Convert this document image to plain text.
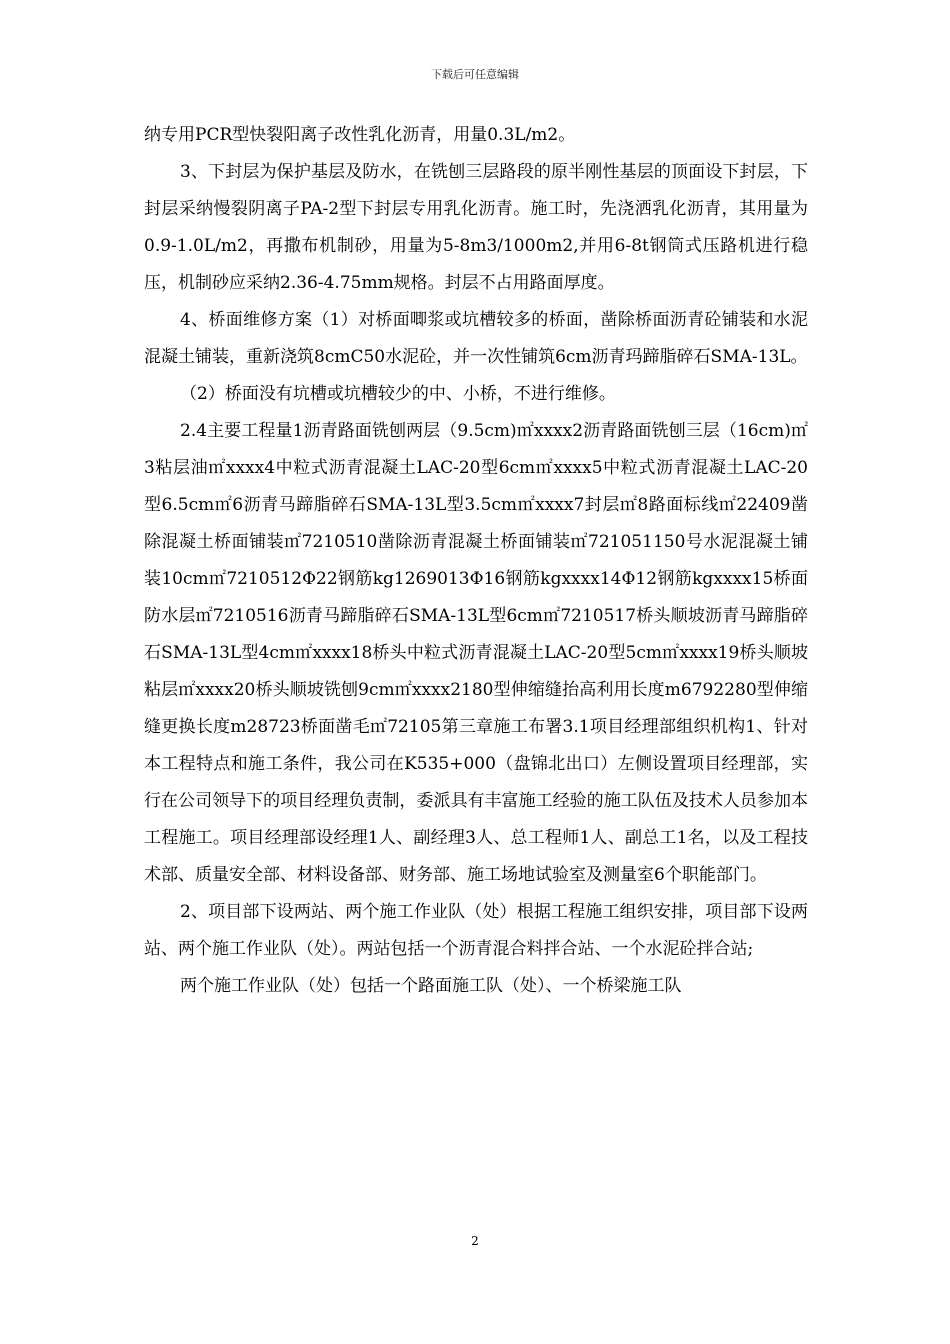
下载后可任意编辑

纳专用PCR型快裂阳离子改性乳化沥青，用量0.3L/m2。

3、下封层为保护基层及防水，在铣刨三层路段的原半刚性基层的顶面设下封层，下封层采纳慢裂阴离子PA-2型下封层专用乳化沥青。施工时，先浇洒乳化沥青，其用量为0.9-1.0L/m2，再撒布机制砂，用量为5-8m3/1000m2,并用6-8t钢筒式压路机进行稳压，机制砂应采纳2.36-4.75mm规格。封层不占用路面厚度。

4、桥面维修方案（1）对桥面唧浆或坑槽较多的桥面，凿除桥面沥青砼铺装和水泥混凝土铺装，重新浇筑8cmC50水泥砼，并一次性铺筑6cm沥青玛蹄脂碎石SMA-13L。

（2）桥面没有坑槽或坑槽较少的中、小桥，不进行维修。

2.4主要工程量1沥青路面铣刨两层（9.5cm)㎡xxxx2沥青路面铣刨三层（16cm)㎡3粘层油㎡xxxx4中粒式沥青混凝土LAC-20型6cm㎡xxxx5中粒式沥青混凝土LAC-20型6.5cm㎡6沥青马蹄脂碎石SMA-13L型3.5cm㎡xxxx7封层㎡8路面标线㎡22409凿除混凝土桥面铺装㎡7210510凿除沥青混凝土桥面铺装㎡721051150号水泥混凝土铺装10cm㎡7210512Φ22钢筋kg1269013Φ16钢筋kgxxxx14Φ12钢筋kgxxxx15桥面防水层㎡7210516沥青马蹄脂碎石SMA-13L型6cm㎡7210517桥头顺坡沥青马蹄脂碎石SMA-13L型4cm㎡xxxx18桥头中粒式沥青混凝土LAC-20型5cm㎡xxxx19桥头顺坡粘层㎡xxxx20桥头顺坡铣刨9cm㎡xxxx2180型伸缩缝抬高利用长度m6792280型伸缩缝更换长度m28723桥面凿毛㎡72105第三章施工布署3.1项目经理部组织机构1、针对本工程特点和施工条件，我公司在K535+000（盘锦北出口）左侧设置项目经理部，实行在公司领导下的项目经理负责制，委派具有丰富施工经验的施工队伍及技术人员参加本工程施工。项目经理部设经理1人、副经理3人、总工程师1人、副总工1名，以及工程技术部、质量安全部、材料设备部、财务部、施工场地试验室及测量室6个职能部门。

2、项目部下设两站、两个施工作业队（处）根据工程施工组织安排，项目部下设两站、两个施工作业队（处）。两站包括一个沥青混合料拌合站、一个水泥砼拌合站;

两个施工作业队（处）包括一个路面施工队（处）、一个桥梁施工队

2
